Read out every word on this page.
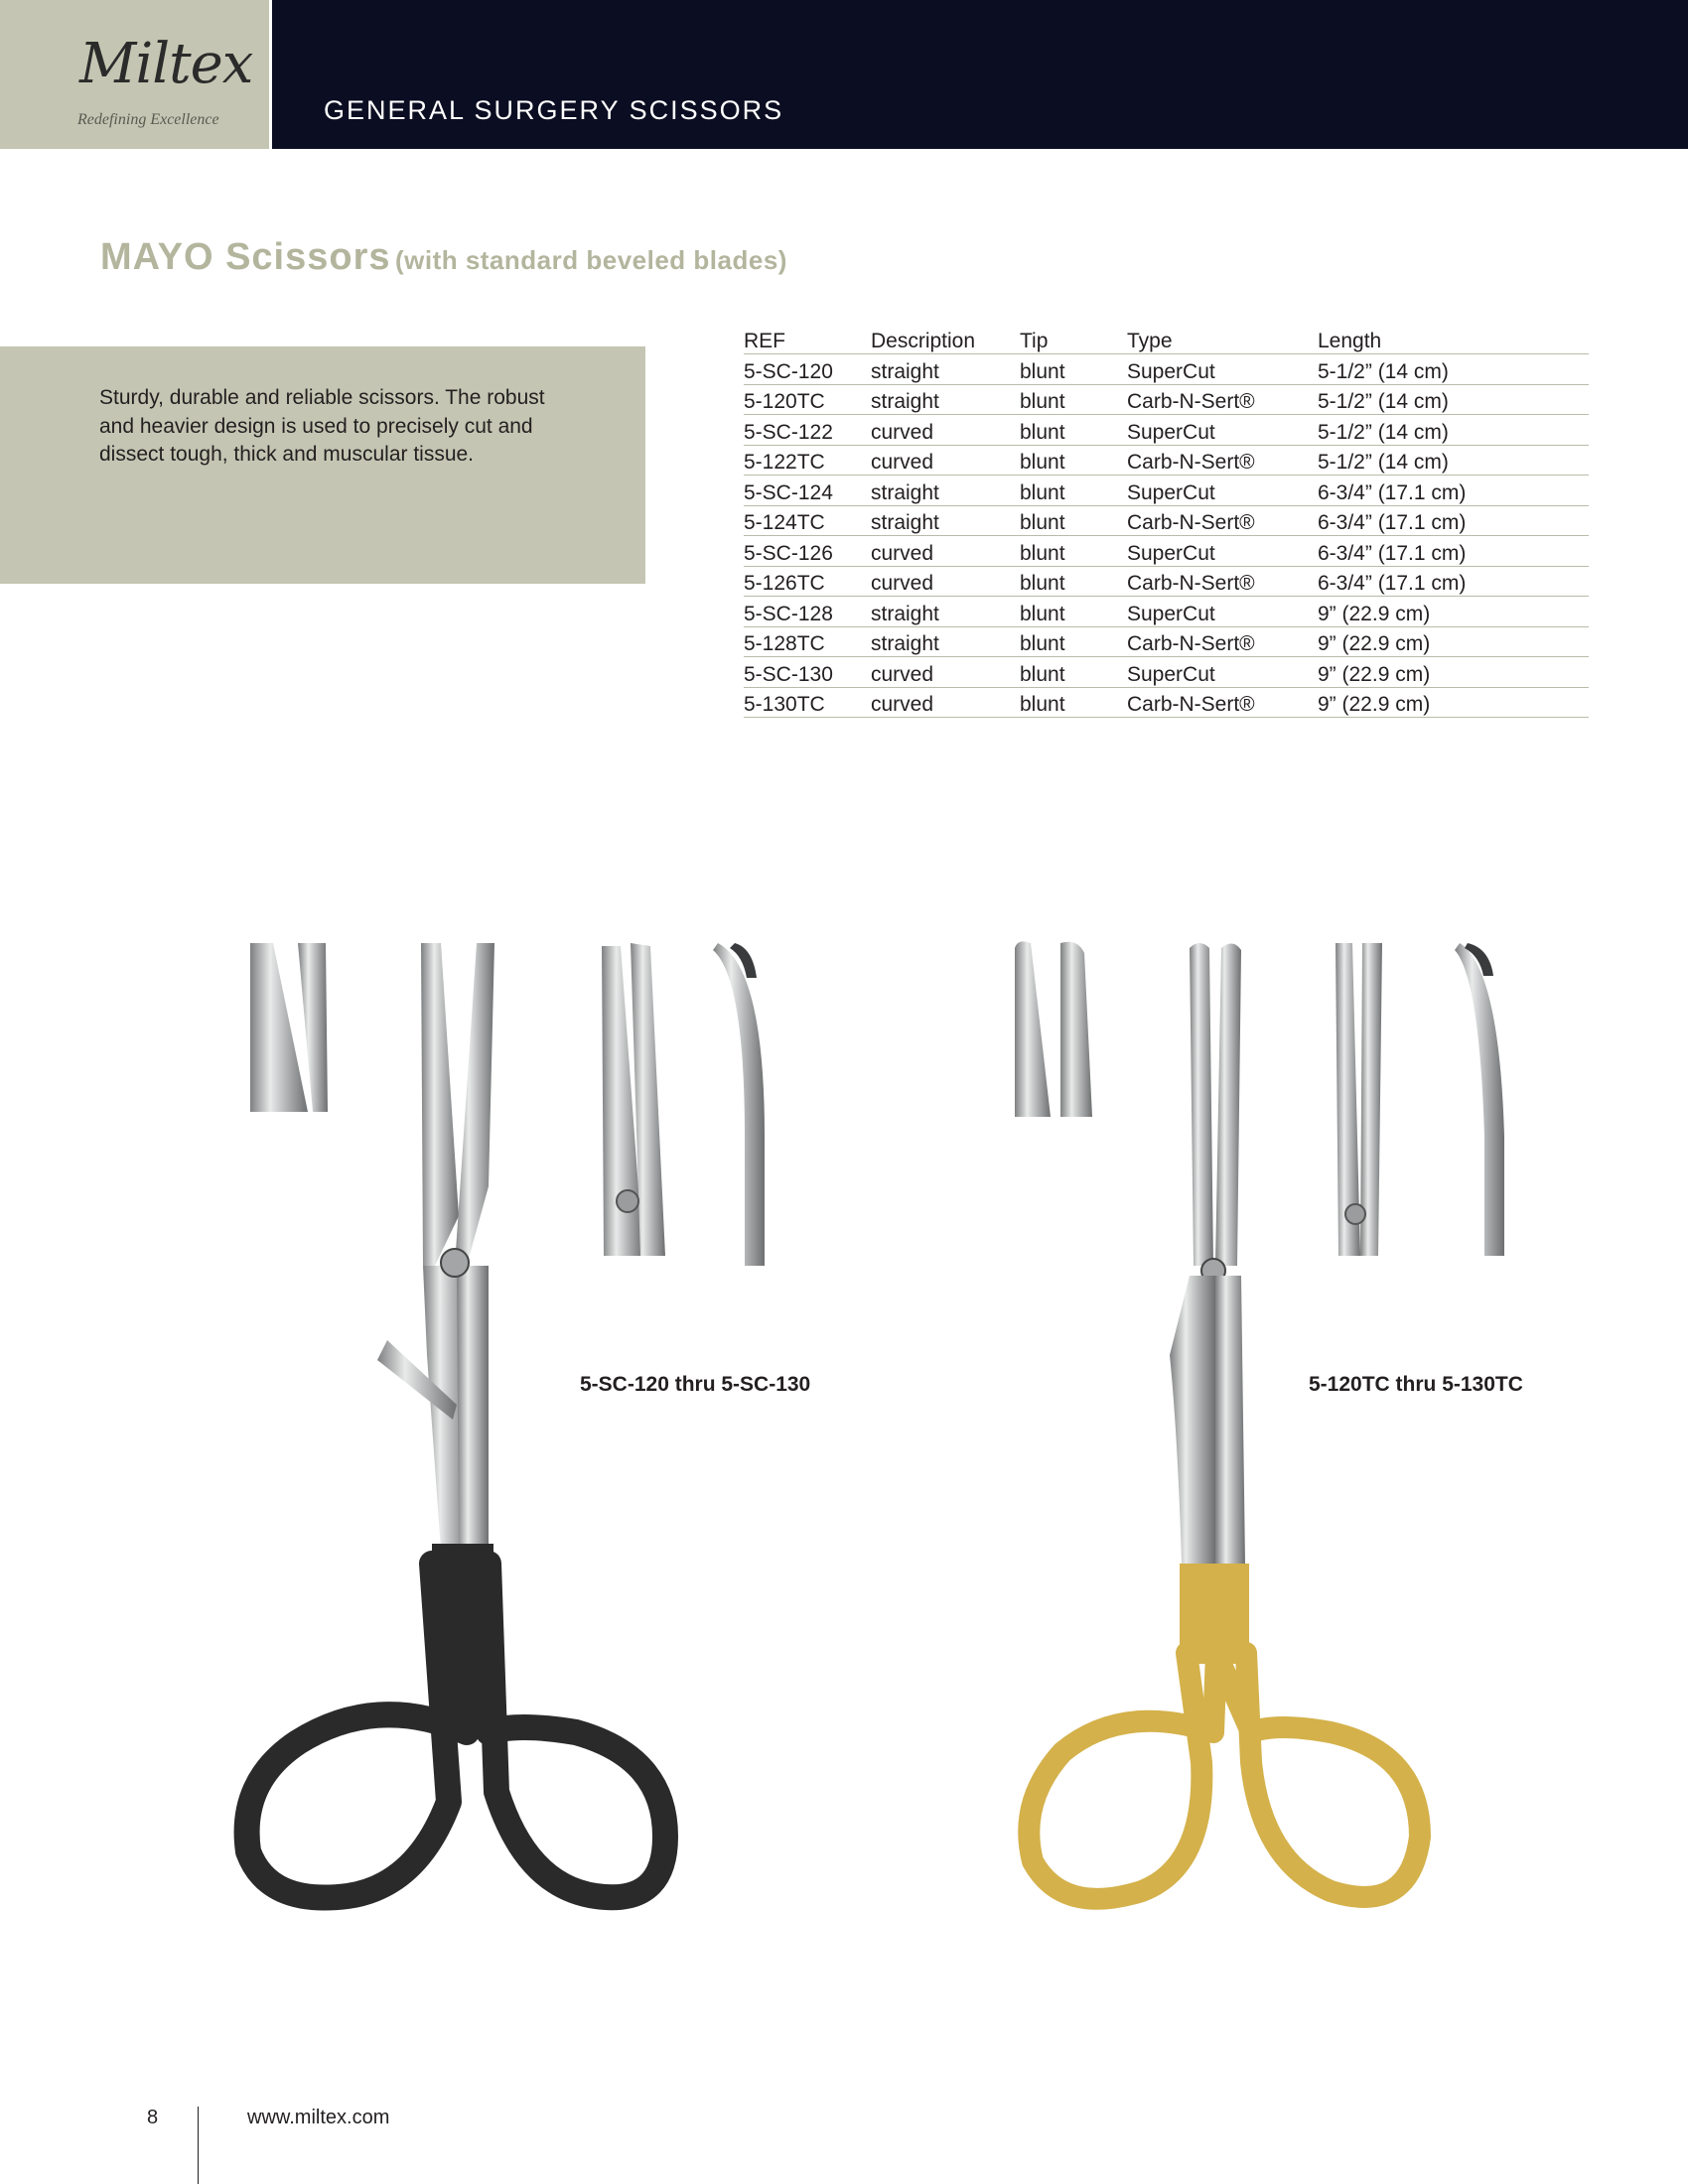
Miltex
Redefining Excellence	GENERAL SURGERY SCISSORS
MAYO Scissors (with standard beveled blades)
Sturdy, durable and reliable scissors. The robust and heavier design is used to precisely cut and dissect tough, thick and muscular tissue.
REF	Description	Tip	Type	Length
5-SC-120	straight	blunt	SuperCut	5-1/2” (14 cm)
5-120TC	straight	blunt	Carb-N-Sert®	5-1/2” (14 cm)
5-SC-122	curved	blunt	SuperCut	5-1/2” (14 cm)
5-122TC	curved	blunt	Carb-N-Sert®	5-1/2” (14 cm)
5-SC-124	straight	blunt	SuperCut	6-3/4” (17.1 cm)
5-124TC	straight	blunt	Carb-N-Sert®	6-3/4” (17.1 cm)
5-SC-126	curved	blunt	SuperCut	6-3/4” (17.1 cm)
5-126TC	curved	blunt	Carb-N-Sert®	6-3/4” (17.1 cm)
5-SC-128	straight	blunt	SuperCut	9” (22.9 cm)
5-128TC	straight	blunt	Carb-N-Sert®	9” (22.9 cm)
5-SC-130	curved	blunt	SuperCut	9” (22.9 cm)
5-130TC	curved	blunt	Carb-N-Sert®	9” (22.9 cm)
5-SC-120 thru 5-SC-130	5-120TC thru 5-130TC
8	www.miltex.com
